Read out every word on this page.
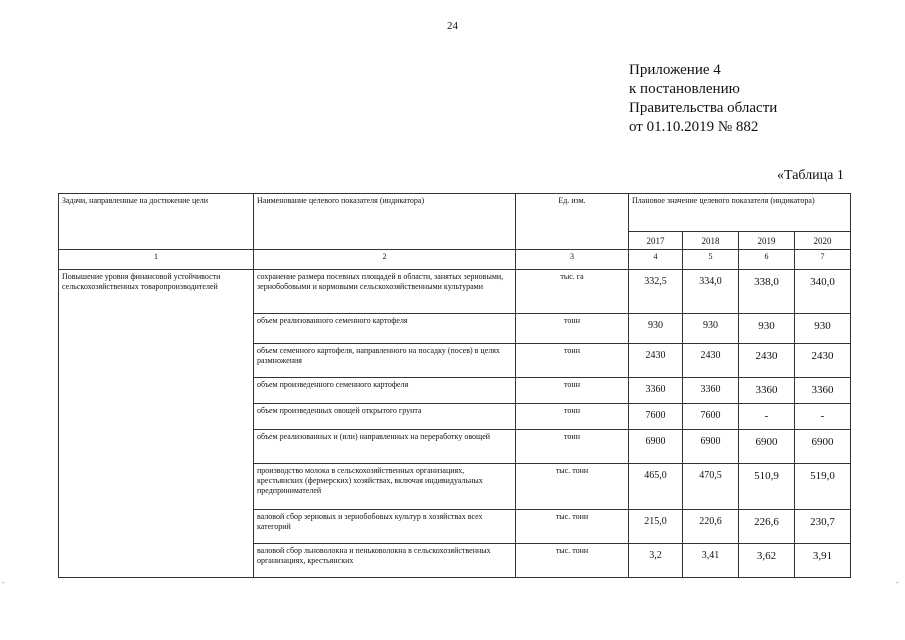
24
Приложение 4
к постановлению
Правительства области
от 01.10.2019 № 882
«Таблица 1
Задачи, направленные на достижение цели	Наименование целевого показателя (индикатора)	Ед. изм.	Плановое значение целевого показателя (индикатора)			
			2017	2018	2019	2020
1	2	3	4	5	6	7
Повышение уровня финансовой устойчивости сельскохозяйственных товаропроизводителей	сохранение размера посевных площадей в области, занятых зерновыми, зернобобовыми и кормовыми сельскохозяйственными культурами	тыс. га	332,5	334,0	338,0	340,0
	объем реализованного семенного картофеля	тонн	930	930	930	930
	объем семенного картофеля, направленного на посадку (посев) в целях размножения	тонн	2430	2430	2430	2430
	объем произведенного семенного картофеля	тонн	3360	3360	3360	3360
	объем произведенных овощей открытого грунта	тонн	7600	7600	-	-
	объем реализованных и (или) направленных на переработку овощей	тонн	6900	6900	6900	6900
	производство молока в сельскохозяйственных организациях, крестьянских (фермерских) хозяйствах, включая индивидуальных предпринимателей	тыс. тонн	465,0	470,5	510,9	519,0
	валовой сбор зерновых и зернобобовых культур в хозяйствах всех категорий	тыс. тонн	215,0	220,6	226,6	230,7
	валовой сбор льноволокна и пеньковолокна в сельскохозяйственных организациях, крестьянских	тыс. тонн	3,2	3,41	3,62	3,91
-	-
